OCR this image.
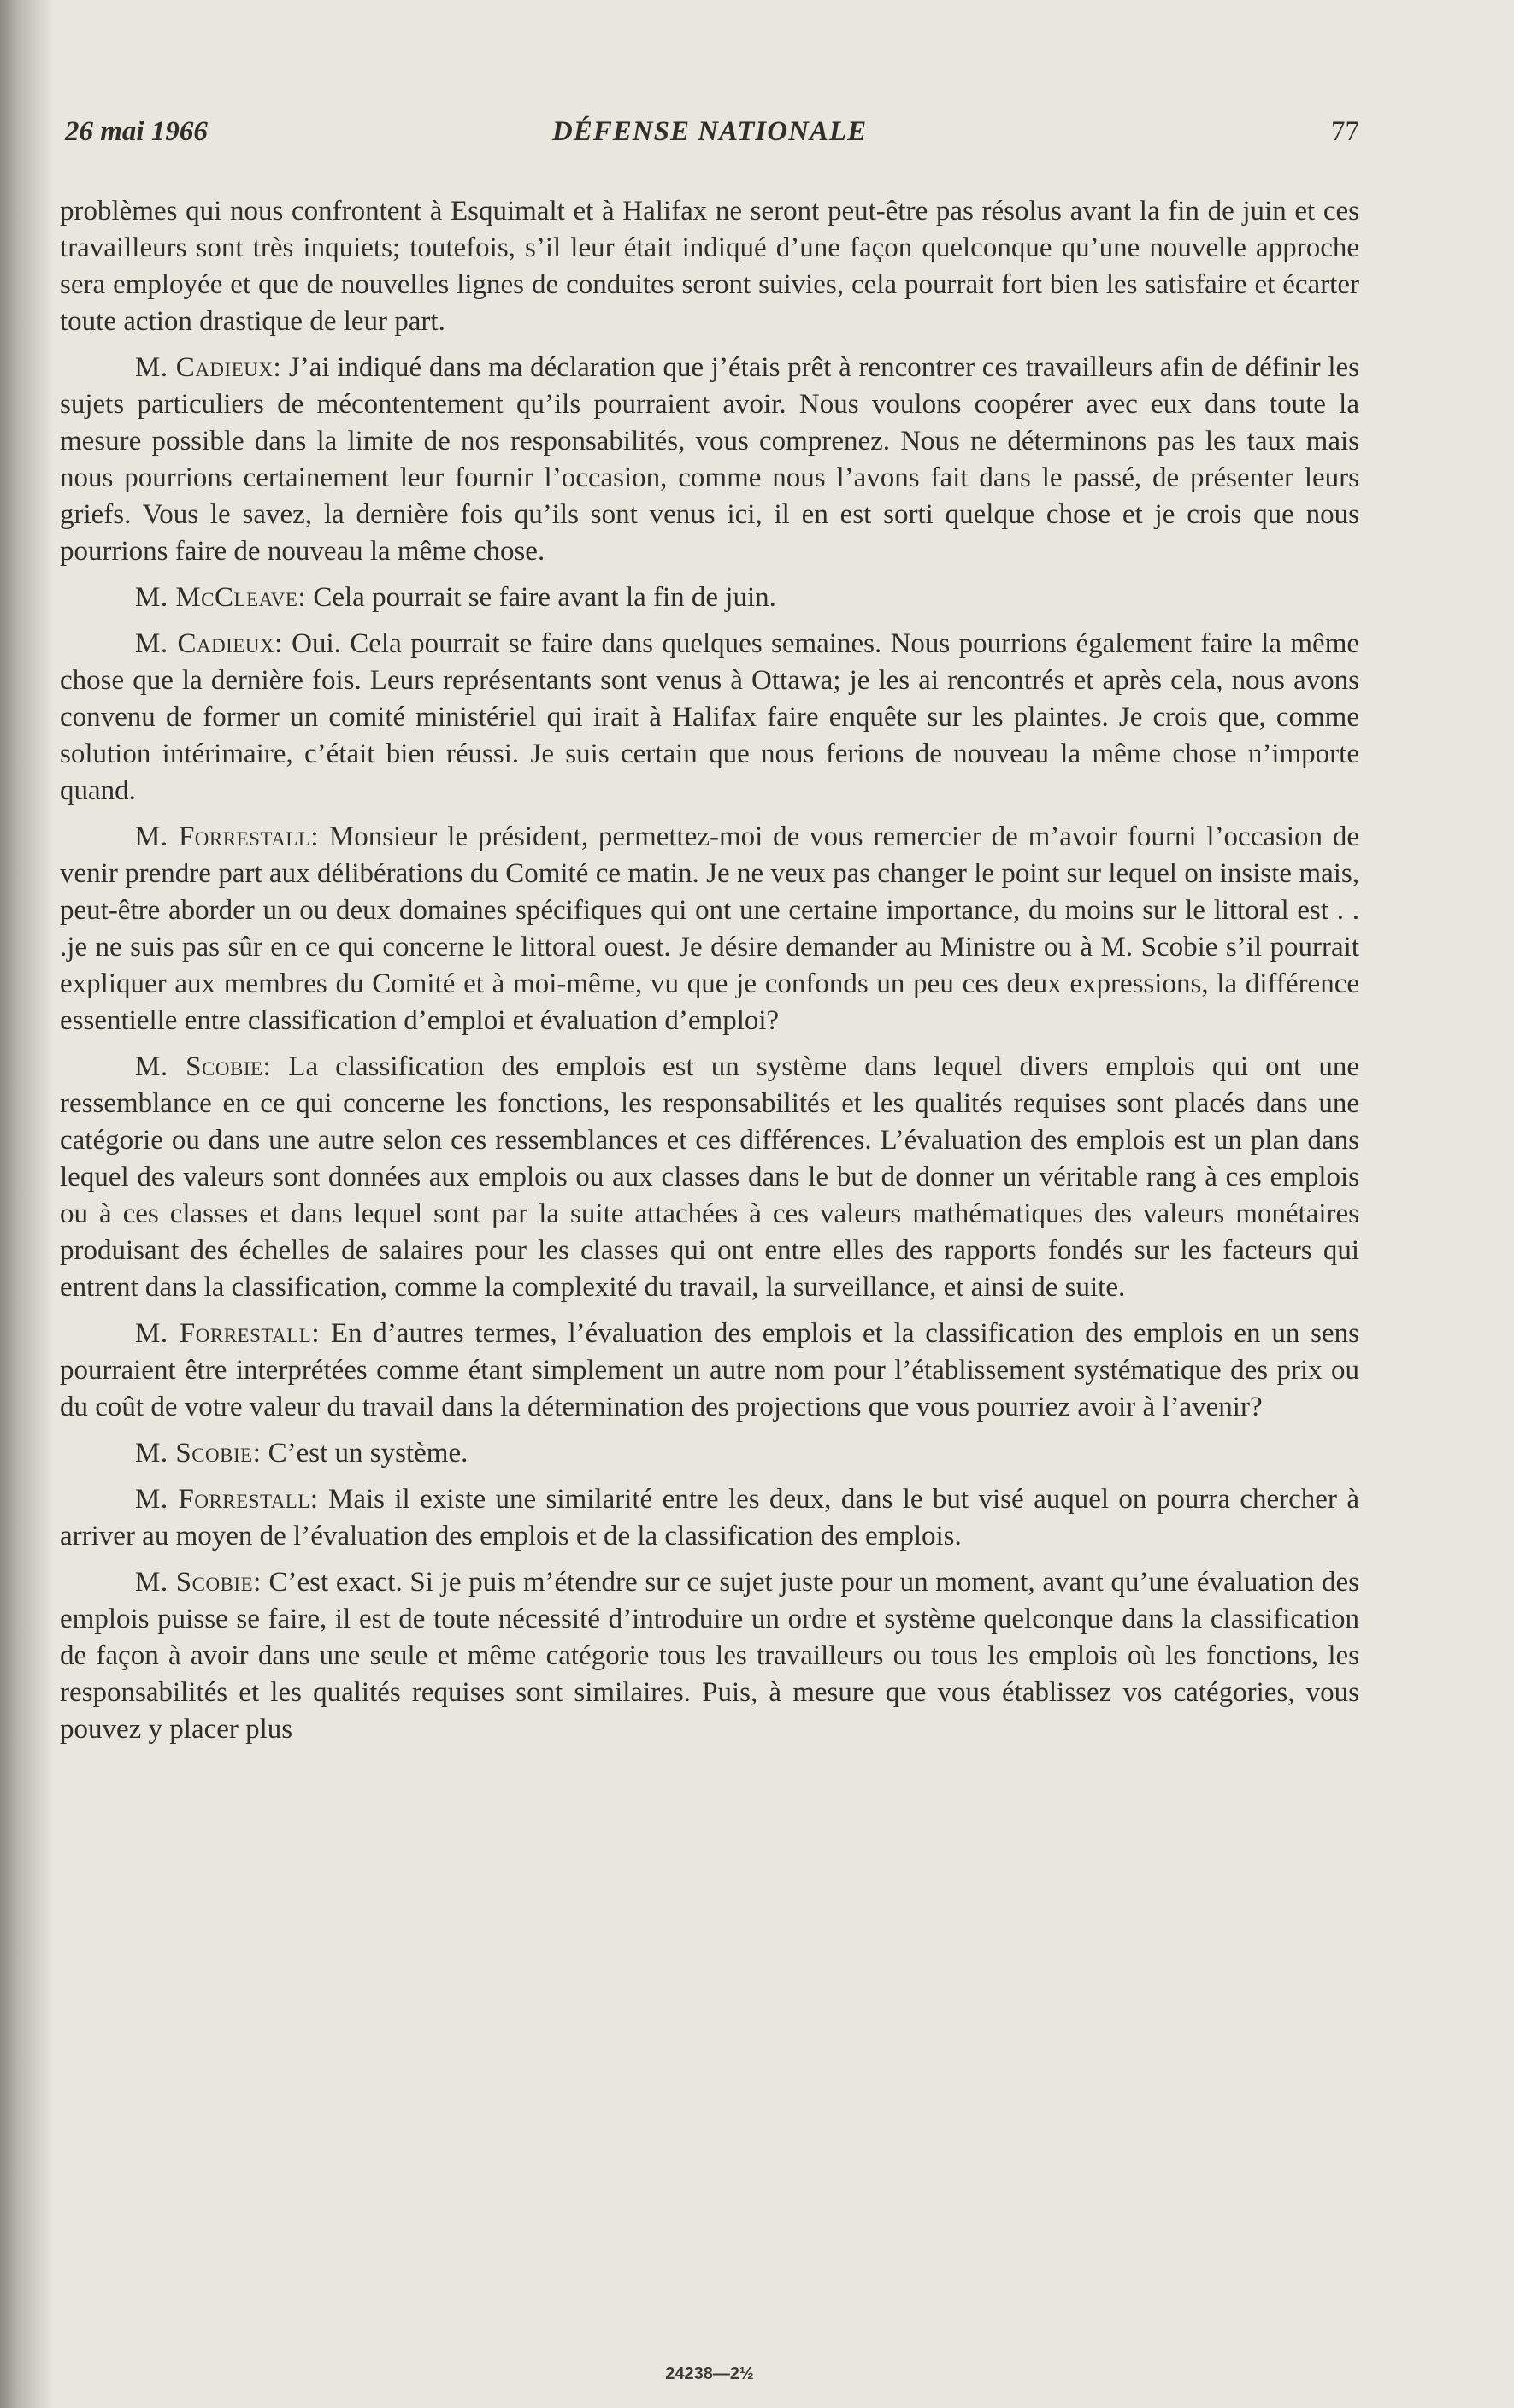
26 mai 1966	DÉFENSE NATIONALE	77

problèmes qui nous confrontent à Esquimalt et à Halifax ne seront peut-être pas résolus avant la fin de juin et ces travailleurs sont très inquiets; toutefois, s’il leur était indiqué d’une façon quelconque qu’une nouvelle approche sera employée et que de nouvelles lignes de conduites seront suivies, cela pourrait fort bien les satisfaire et écarter toute action drastique de leur part.

M. Cadieux: J’ai indiqué dans ma déclaration que j’étais prêt à rencontrer ces travailleurs afin de définir les sujets particuliers de mécontentement qu’ils pourraient avoir. Nous voulons coopérer avec eux dans toute la mesure possible dans la limite de nos responsabilités, vous comprenez. Nous ne déterminons pas les taux mais nous pourrions certainement leur fournir l’occasion, comme nous l’avons fait dans le passé, de présenter leurs griefs. Vous le savez, la dernière fois qu’ils sont venus ici, il en est sorti quelque chose et je crois que nous pourrions faire de nouveau la même chose.

M. McCleave: Cela pourrait se faire avant la fin de juin.

M. Cadieux: Oui. Cela pourrait se faire dans quelques semaines. Nous pourrions également faire la même chose que la dernière fois. Leurs représentants sont venus à Ottawa; je les ai rencontrés et après cela, nous avons convenu de former un comité ministériel qui irait à Halifax faire enquête sur les plaintes. Je crois que, comme solution intérimaire, c’était bien réussi. Je suis certain que nous ferions de nouveau la même chose n’importe quand.

M. Forrestall: Monsieur le président, permettez-moi de vous remercier de m’avoir fourni l’occasion de venir prendre part aux délibérations du Comité ce matin. Je ne veux pas changer le point sur lequel on insiste mais, peut-être aborder un ou deux domaines spécifiques qui ont une certaine importance, du moins sur le littoral est . . .je ne suis pas sûr en ce qui concerne le littoral ouest. Je désire demander au Ministre ou à M. Scobie s’il pourrait expliquer aux membres du Comité et à moi-même, vu que je confonds un peu ces deux expressions, la différence essentielle entre classification d’emploi et évaluation d’emploi?

M. Scobie: La classification des emplois est un système dans lequel divers emplois qui ont une ressemblance en ce qui concerne les fonctions, les responsabilités et les qualités requises sont placés dans une catégorie ou dans une autre selon ces ressemblances et ces différences. L’évaluation des emplois est un plan dans lequel des valeurs sont données aux emplois ou aux classes dans le but de donner un véritable rang à ces emplois ou à ces classes et dans lequel sont par la suite attachées à ces valeurs mathématiques des valeurs monétaires produisant des échelles de salaires pour les classes qui ont entre elles des rapports fondés sur les facteurs qui entrent dans la classification, comme la complexité du travail, la surveillance, et ainsi de suite.

M. Forrestall: En d’autres termes, l’évaluation des emplois et la classification des emplois en un sens pourraient être interprétées comme étant simplement un autre nom pour l’établissement systématique des prix ou du coût de votre valeur du travail dans la détermination des projections que vous pourriez avoir à l’avenir?

M. Scobie: C’est un système.

M. Forrestall: Mais il existe une similarité entre les deux, dans le but visé auquel on pourra chercher à arriver au moyen de l’évaluation des emplois et de la classification des emplois.

M. Scobie: C’est exact. Si je puis m’étendre sur ce sujet juste pour un moment, avant qu’une évaluation des emplois puisse se faire, il est de toute nécessité d’introduire un ordre et système quelconque dans la classification de façon à avoir dans une seule et même catégorie tous les travailleurs ou tous les emplois où les fonctions, les responsabilités et les qualités requises sont similaires. Puis, à mesure que vous établissez vos catégories, vous pouvez y placer plus

24238—2½
